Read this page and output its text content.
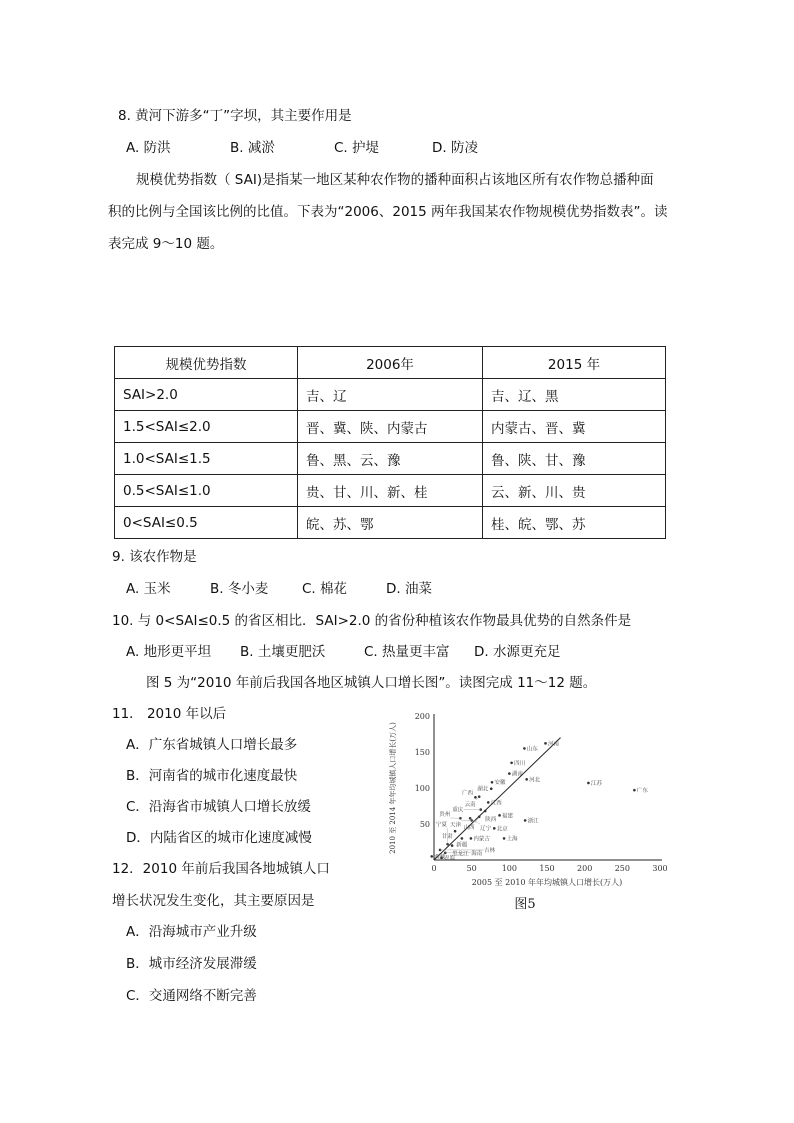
8. 黄河下游多“丁”字坝，其主要作用是
A. 防洪	B. 减淤	C. 护堤	D. 防凌
规模优势指数（ SAI)是指某一地区某种农作物的播种面积占该地区所有农作物总播种面
积的比例与全国该比例的比值。下表为“2006、2015 两年我国某农作物规模优势指数表”。读
表完成 9～10 题。
规模优势指数	2006年	2015 年
SAI>2.0	吉、辽	吉、辽、黑
1.5<SAI≤2.0	晋、冀、陕、内蒙古	内蒙古、晋、冀
1.0<SAI≤1.5	鲁、黑、云、豫	鲁、陕、甘、豫
0.5<SAI≤1.0	贵、甘、川、新、桂	云、新、川、贵
0<SAI≤0.5	皖、苏、鄂	桂、皖、鄂、苏
9. 该农作物是
A. 玉米	B. 冬小麦 C. 棉花	D. 油菜
10. 与 0<SAI≤0.5 的省区相比．SAI>2.0 的省份种植该农作物最具优势的自然条件是
A. 地形更平坦 B. 土壤更肥沃	C. 热量更丰富 D. 水源更充足
图 5 为“2010 年前后我国各地区城镇人口增长图”。读图完成 11～12 题。
11． 2010 年以后
A．广东省城镇人口增长最多
B．河南省的城市化速度最快
C．沿海省市城镇人口增长放缓
D．内陆省区的城市化速度减慢
12．2010 年前后我国各地城镇人口
增长状况发生变化，其主要原因是
A．沿海城市产业升级
B．城市经济发展滞缓
C．交通网络不断完善
0	50	100	150	200	250	300
50
100
150
200
2005 至 2010 年年均城镇人口增长(万人)
2010 至 2014 年年均城镇人口增长(万人)
图5
广东
江苏
河南
山东
四川
河北
湖南
安徽
浙江
湖北
江西
福建
云南
广西
陕西
重庆
北京
上海
山西 辽宁
天津
贵州
内蒙古
甘肃
新疆
黑龙江
宁夏
海南 吉林
青海
西藏
